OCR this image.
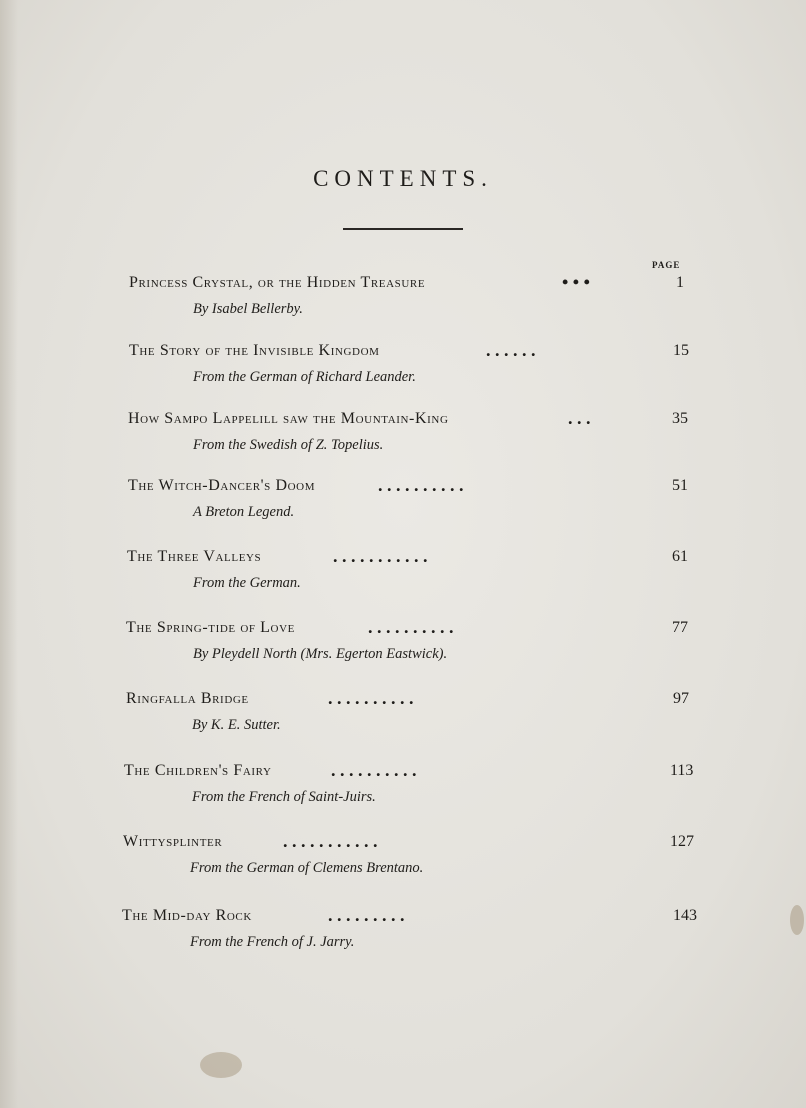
CONTENTS.
PAGE
Princess Crystal, or the Hidden Treasure	• • •	1
By Isabel Bellerby.
The Story of the Invisible Kingdom	. . . . . .	15
From the German of Richard Leander.
How Sampo Lappelill saw the Mountain-King	. . .	35
From the Swedish of Z. Topelius.
The Witch-Dancer's Doom	. . . . . . . . . .	51
A Breton Legend.
The Three Valleys	. . . . . . . . . . .	61
From the German.
The Spring-tide of Love	. . . . . . . . . .	77
By Pleydell North (Mrs. Egerton Eastwick).
Ringfalla Bridge	. . . . . . . . . .	97
By K. E. Sutter.
The Children's Fairy	. . . . . . . . . .	113
From the French of Saint-Juirs.
Wittysplinter	. . . . . . . . . . .	127
From the German of Clemens Brentano.
The Mid-day Rock	. . . . . . . . .	143
From the French of J. Jarry.
